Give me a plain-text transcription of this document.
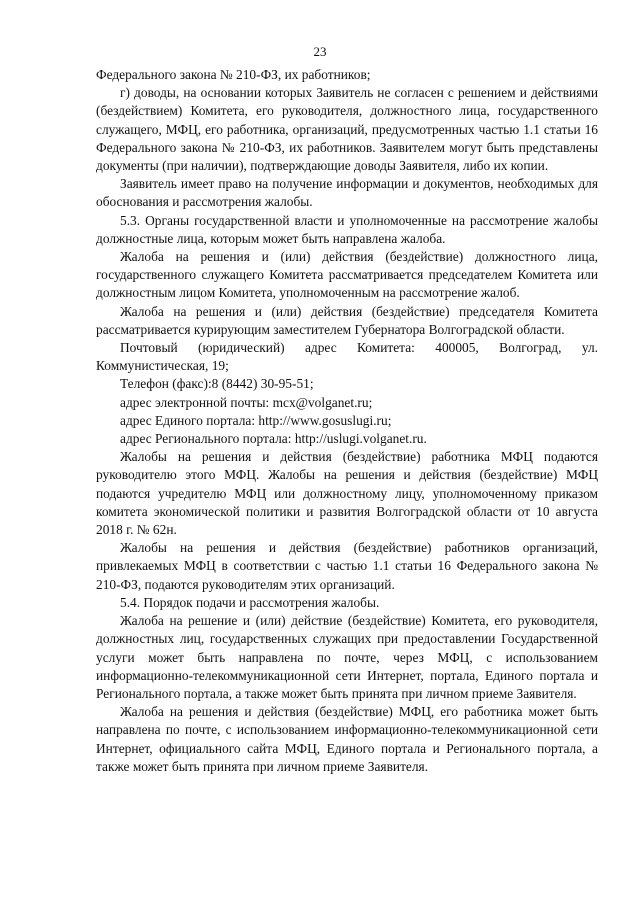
23

Федерального закона № 210-ФЗ, их работников;

г) доводы, на основании которых Заявитель не согласен с решением и действиями (бездействием) Комитета, его руководителя, должностного лица, государственного служащего, МФЦ, его работника, организаций, предусмотренных частью 1.1 статьи 16 Федерального закона № 210-ФЗ, их работников. Заявителем могут быть представлены документы (при наличии), подтверждающие доводы Заявителя, либо их копии.

Заявитель имеет право на получение информации и документов, необходимых для обоснования и рассмотрения жалобы.

5.3. Органы государственной власти и уполномоченные на рассмотрение жалобы должностные лица, которым может быть направлена жалоба.

Жалоба на решения и (или) действия (бездействие) должностного лица, государственного служащего Комитета рассматривается председателем Комитета или должностным лицом Комитета, уполномоченным на рассмотрение жалоб.

Жалоба на решения и (или) действия (бездействие) председателя Комитета рассматривается курирующим заместителем Губернатора Волгоградской области.

Почтовый (юридический) адрес Комитета: 400005, Волгоград, ул. Коммунистическая, 19;

Телефон (факс):8 (8442) 30-95-51;

адрес электронной почты: mcx@volganet.ru;

адрес Единого портала: http://www.gosuslugi.ru;

адрес Регионального портала: http://uslugi.volganet.ru.

Жалобы на решения и действия (бездействие) работника МФЦ подаются руководителю этого МФЦ. Жалобы на решения и действия (бездействие) МФЦ подаются учредителю МФЦ или должностному лицу, уполномоченному приказом комитета экономической политики и развития Волгоградской области от 10 августа 2018 г. № 62н.

Жалобы на решения и действия (бездействие) работников организаций, привлекаемых МФЦ в соответствии с частью 1.1 статьи 16 Федерального закона № 210-ФЗ, подаются руководителям этих организаций.

5.4. Порядок подачи и рассмотрения жалобы.

Жалоба на решение и (или) действие (бездействие) Комитета, его руководителя, должностных лиц, государственных служащих при предоставлении Государственной услуги может быть направлена по почте, через МФЦ, с использованием информационно-телекоммуникационной сети Интернет, портала, Единого портала и Регионального портала, а также может быть принята при личном приеме Заявителя.

Жалоба на решения и действия (бездействие) МФЦ, его работника может быть направлена по почте, с использованием информационно-телекоммуникационной сети Интернет, официального сайта МФЦ, Единого портала и Регионального портала, а также может быть принята при личном приеме Заявителя.
